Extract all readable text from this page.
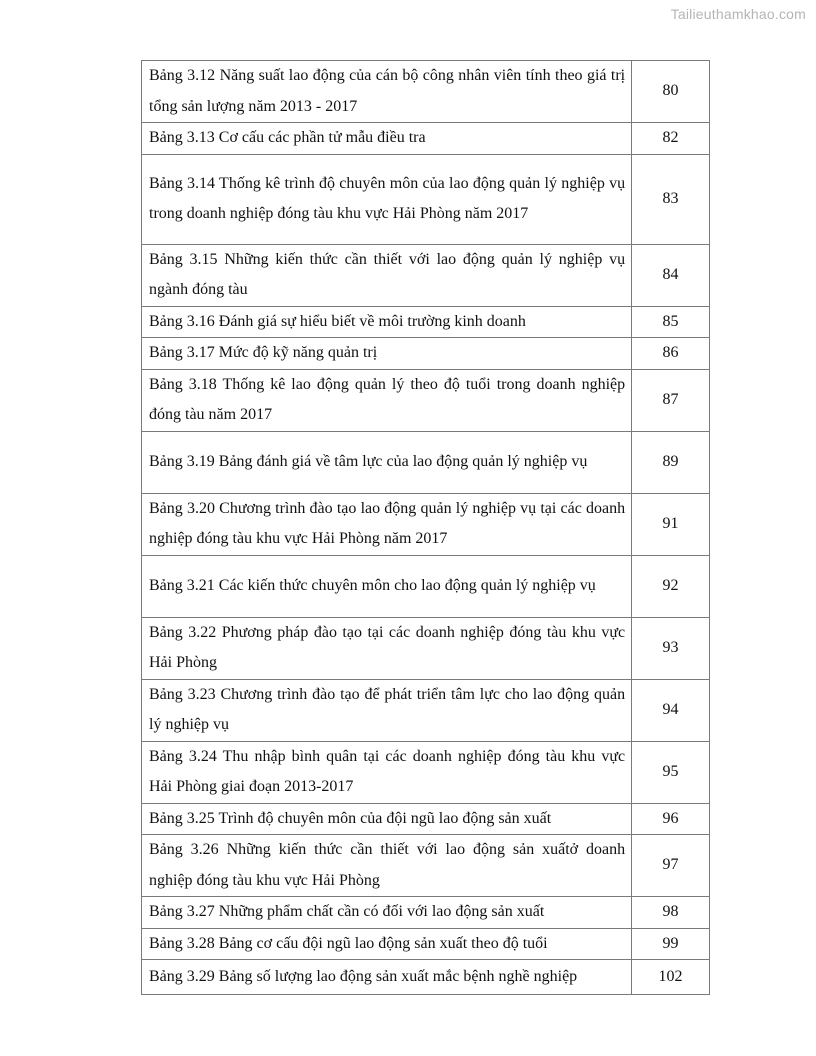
Tailieuthamkhao.com
Bảng 3.12 Năng suất lao động của cán bộ công nhân viên tính theo giá trị tổng sản lượng năm 2013 - 2017	80
Bảng 3.13 Cơ cấu các phần tử mẫu điều tra	82
Bảng 3.14 Thống kê trình độ chuyên môn của lao động quản lý nghiệp vụ trong doanh nghiệp đóng tàu khu vực Hải Phòng năm 2017	83
Bảng 3.15 Những kiến thức cần thiết với lao động quản lý nghiệp vụ ngành đóng tàu	84
Bảng 3.16 Đánh giá sự hiểu biết về môi trường kinh doanh	85
Bảng 3.17 Mức độ kỹ năng quản trị	86
Bảng 3.18 Thống kê lao động quản lý theo độ tuổi trong doanh nghiệp đóng tàu năm 2017	87
Bảng 3.19 Bảng đánh giá về tâm lực của lao động quản lý nghiệp vụ	89
Bảng 3.20 Chương trình đào tạo lao động quản lý nghiệp vụ tại các doanh nghiệp đóng tàu khu vực Hải Phòng năm 2017	91
Bảng 3.21 Các kiến thức chuyên môn cho lao động quản lý nghiệp vụ	92
Bảng 3.22 Phương pháp đào tạo tại các doanh nghiệp đóng tàu khu vực Hải Phòng	93
Bảng 3.23 Chương trình đào tạo để phát triển tâm lực cho lao động quản lý nghiệp vụ	94
Bảng 3.24 Thu nhập bình quân tại các doanh nghiệp đóng tàu khu vực Hải Phòng giai đoạn 2013-2017	95
Bảng 3.25 Trình độ chuyên môn của đội ngũ lao động sản xuất	96
Bảng 3.26 Những kiến thức cần thiết với lao động sản xuấtở doanh nghiệp đóng tàu khu vực Hải Phòng	97
Bảng 3.27 Những phẩm chất cần có đối với lao động sản xuất	98
Bảng 3.28 Bảng cơ cấu đội ngũ lao động sản xuất theo độ tuổi	99
Bảng 3.29 Bảng số lượng lao động sản xuất mắc bệnh nghề nghiệp	102
